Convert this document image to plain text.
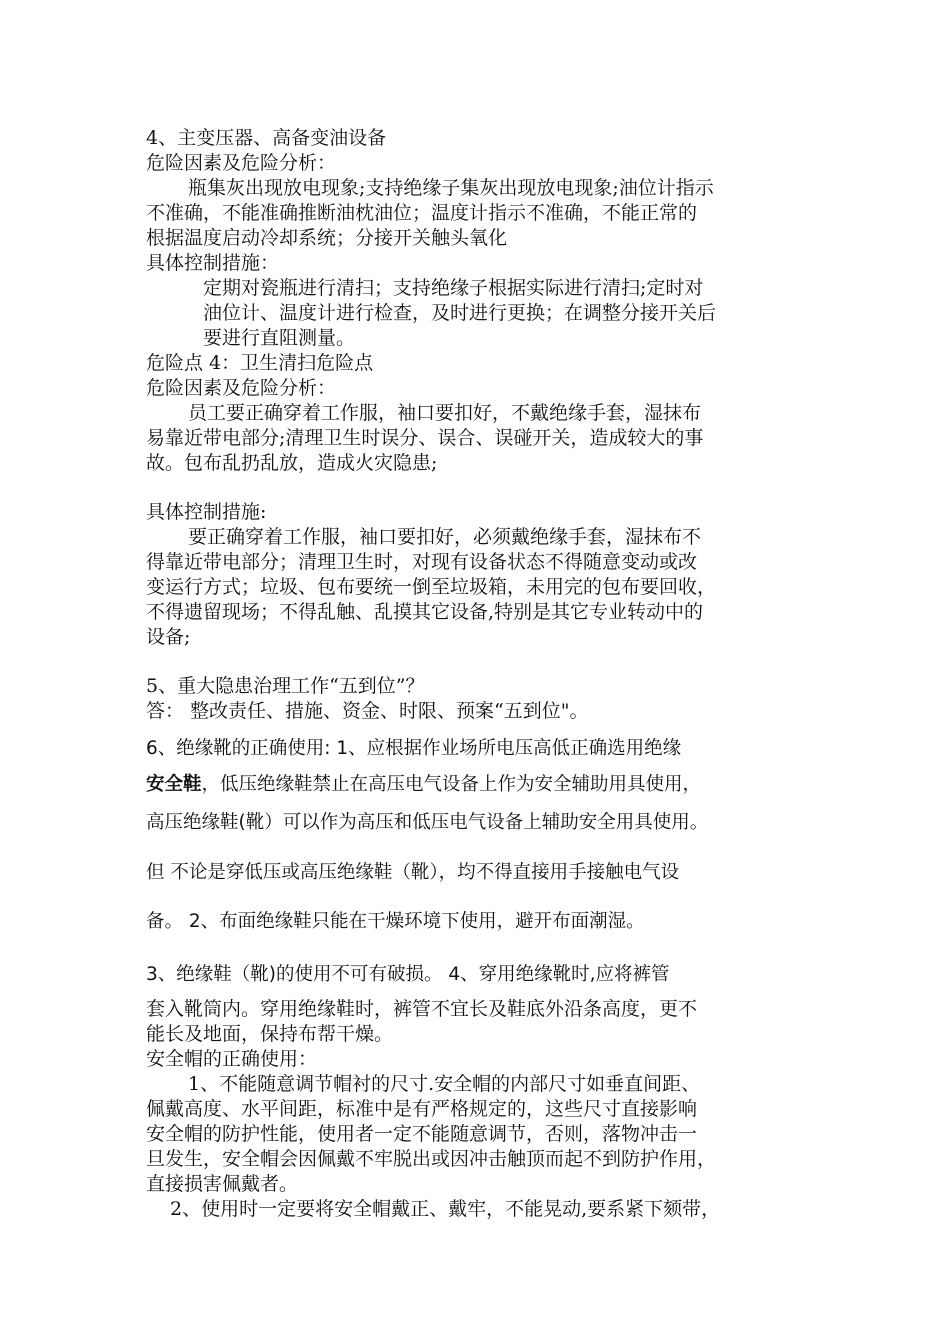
4、主变压器、高备变油设备
危险因素及危险分析：
瓶集灰出现放电现象;支持绝缘子集灰出现放电现象;油位计指示
不准确，不能准确推断油枕油位；温度计指示不准确，不能正常的
根据温度启动冷却系统；分接开关触头氧化
具体控制措施：
定期对瓷瓶进行清扫；支持绝缘子根据实际进行清扫;定时对
油位计、温度计进行检查，及时进行更换；在调整分接开关后
要进行直阻测量。
危险点 4：卫生清扫危险点
危险因素及危险分析：
员工要正确穿着工作服，袖口要扣好，不戴绝缘手套，湿抹布
易靠近带电部分;清理卫生时误分、误合、误碰开关，造成较大的事
故。包布乱扔乱放，造成火灾隐患;
具体控制措施:
要正确穿着工作服，袖口要扣好，必须戴绝缘手套，湿抹布不
得靠近带电部分；清理卫生时，对现有设备状态不得随意变动或改
变运行方式；垃圾、包布要统一倒至垃圾箱，未用完的包布要回收，
不得遗留现场；不得乱触、乱摸其它设备,特别是其它专业转动中的
设备;
5、重大隐患治理工作“五到位”？
答： 整改责任、措施、资金、时限、预案“五到位"。
6、绝缘靴的正确使用: 1、应根据作业场所电压高低正确选用绝缘
安全鞋，低压绝缘鞋禁止在高压电气设备上作为安全辅助用具使用，
高压绝缘鞋(靴）可以作为高压和低压电气设备上辅助安全用具使用。
但 不论是穿低压或高压绝缘鞋（靴），均不得直接用手接触电气设
备。 2、布面绝缘鞋只能在干燥环境下使用，避开布面潮湿。
3、绝缘鞋（靴)的使用不可有破损。 4、穿用绝缘靴时,应将裤管
套入靴筒内。穿用绝缘鞋时，裤管不宜长及鞋底外沿条高度，更不
能长及地面，保持布帮干燥。
安全帽的正确使用：
1、不能随意调节帽衬的尺寸.安全帽的内部尺寸如垂直间距、
佩戴高度、水平间距，标准中是有严格规定的，这些尺寸直接影响
安全帽的防护性能，使用者一定不能随意调节，否则，落物冲击一
旦发生，安全帽会因佩戴不牢脱出或因冲击触顶而起不到防护作用，
直接损害佩戴者。
2、使用时一定要将安全帽戴正、戴牢，不能晃动,要系紧下颏带，
